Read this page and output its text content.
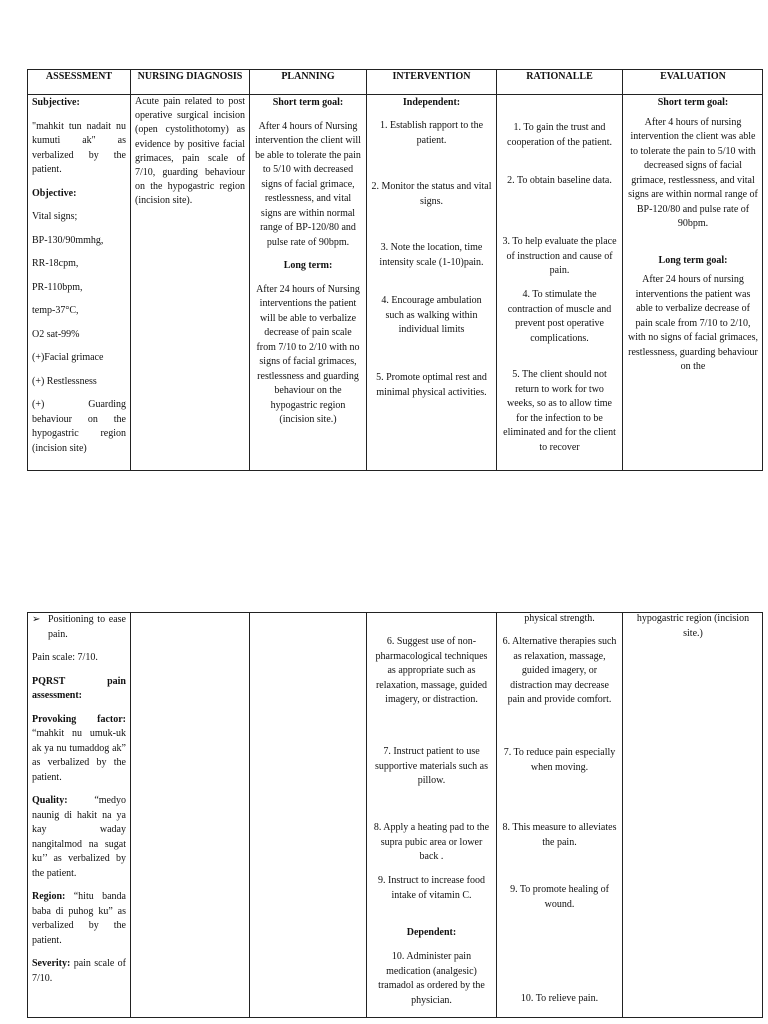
ASSESSMENT

Subjective:

"mahkit tun nadait nu kumuti ak" as verbalized by the patient.

Objective:

Vital signs;

BP-130/90mmhg,

RR-18cpm,

PR-110bpm,

temp-37°C,

O2 sat-99%

(+)Facial grimace

(+) Restlessness

(+) Guarding behaviour on the hypogastric region (incision site)

NURSING DIAGNOSIS
Acute pain related to post operative surgical incision (open cystolithotomy) as evidence by positive facial grimaces, pain scale of 7/10, guarding behaviour on the hypogastric region (incision site).
PLANNING

Short term goal:

After 4 hours of Nursing intervention the client will be able to tolerate the pain to 5/10 with decreased signs of facial grimace, restlessness, and vital signs are within normal range of BP-120/80 and pulse rate of 90bpm.

Long term:

After 24 hours of Nursing interventions the patient will be able to verbalize decrease of pain scale from 7/10 to 2/10 with no signs of facial grimaces, restlessness and guarding behaviour on the hypogastric region (incision site.)

INTERVENTION
Independent:
1. Establish rapport to the patient.
2. Monitor the status and vital signs.
3. Note the location, time intensity scale (1-10)pain.
4. Encourage ambulation such as walking within individual limits
5. Promote optimal rest and minimal physical activities.
RATIONALLE
1. To gain the trust and cooperation of the patient.
2. To obtain baseline data.
3. To help evaluate the place of instruction and cause of pain.
4. To stimulate the contraction of muscle and prevent post operative complications.
5. The client should not return to work for two weeks, so as to allow time for the infection to be eliminated and for the client to recover
EVALUATION

Short term goal:

After 4 hours of nursing intervention the client was able to tolerate the pain to 5/10 with decreased signs of facial grimace, restlessness, and vital signs are within normal range of BP-120/80 and pulse rate of 90bpm.

Long term goal:

After 24 hours of nursing interventions the patient was able to verbalize decrease of pain scale from 7/10 to 2/10, with no signs of facial grimaces, restlessness, guarding behaviour on the

➢ Positioning to ease pain.

Pain scale: 7/10.

PQRST pain assessment:

Provoking factor: “mahkit nu umuk-uk ak ya nu tumaddog ak” as verbalized by the patient.

Quality:	“medyo naunig di hakit na ya kay waday nangitalmod na sugat ku’’ as verbalized by the patient.

Region: “hitu banda baba di puhog ku” as verbalized by the patient.

Severity: pain scale of 7/10.

6. Suggest use of non-pharmacological techniques as appropriate such as relaxation, massage, guided imagery, or distraction.
7. Instruct patient to use supportive materials such as pillow.
8. Apply a heating pad to the supra pubic area or lower back .
9. Instruct to increase food intake of vitamin C.
Dependent:
10. Administer pain medication (analgesic) tramadol as ordered by the physician.
physical strength.
6. Alternative therapies such as relaxation, massage, guided imagery, or distraction may decrease pain and provide comfort.
7. To reduce pain especially when moving.
8. This measure to alleviates the pain.
9. To promote healing of wound.
10. To relieve pain.
hypogastric region (incision site.)
